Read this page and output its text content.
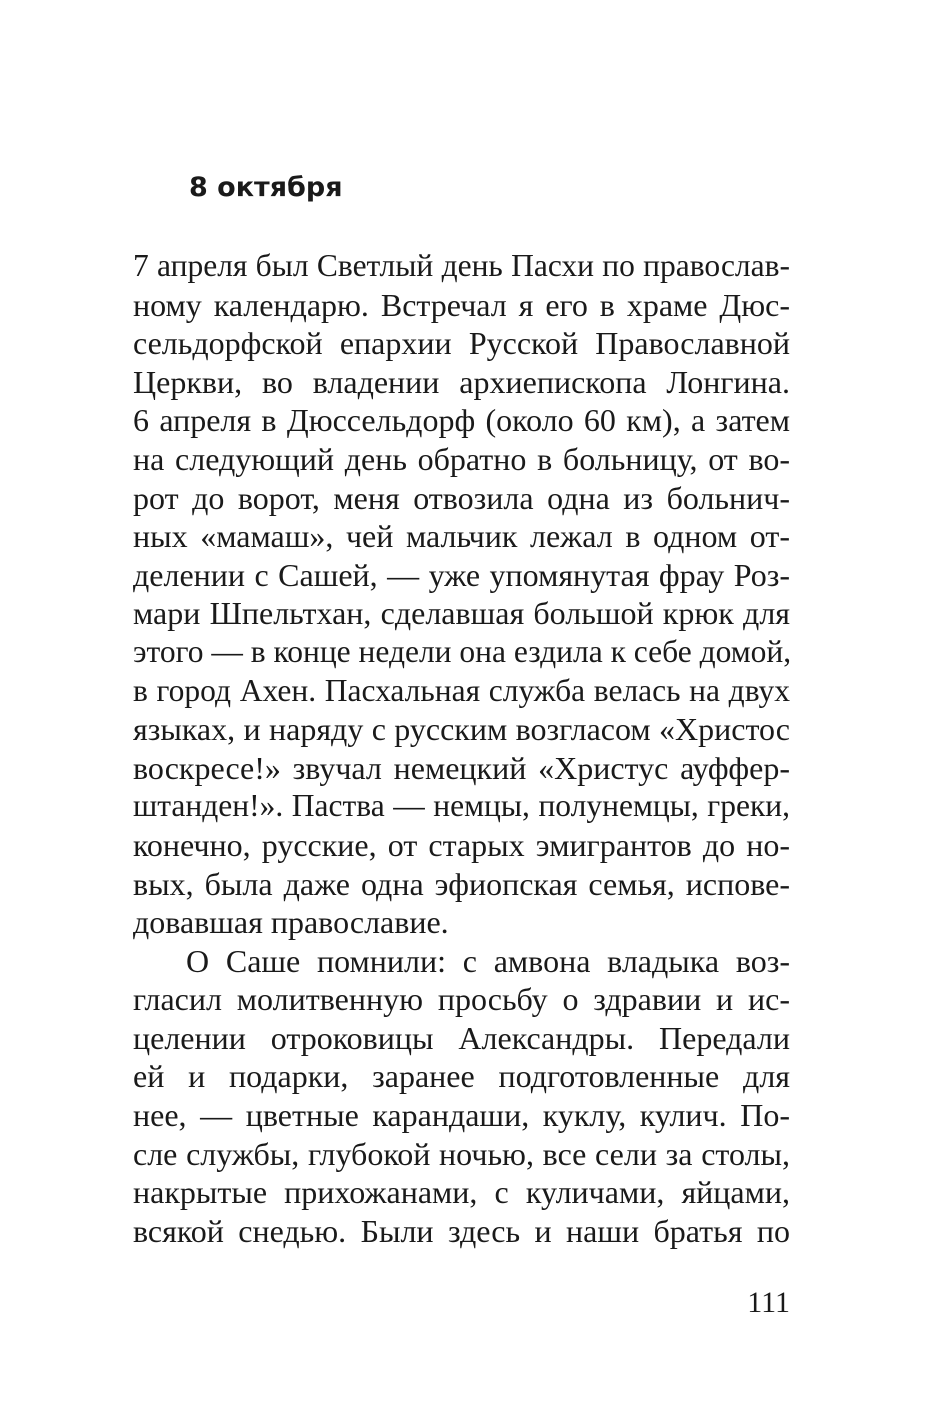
8 октября
7 апреля был Светлый день Пасхи по православ-
ному календарю. Встречал я его в храме Дюс-
сельдорфской епархии Русской Православной
Церкви, во владении архиепископа Лонгина.
6 апреля в Дюссельдорф (около 60 км), а затем
на следующий день обратно в больницу, от во-
рот до ворот, меня отвозила одна из больнич-
ных «мамаш», чей мальчик лежал в одном от-
делении с Сашей, — уже упомянутая фрау Роз-
мари Шпельтхан, сделавшая большой крюк для
этого — в конце недели она ездила к себе домой,
в город Ахен. Пасхальная служба велась на двух
языках, и наряду с русским возгласом «Христос
воскресе!» звучал немецкий «Христус ауффер-
штанден!». Паства — немцы, полунемцы, греки,
конечно, русские, от старых эмигрантов до но-
вых, была даже одна эфиопская семья, испове-
довавшая православие.
О Саше помнили: с амвона владыка воз-
гласил молитвенную просьбу о здравии и ис-
целении отроковицы Александры. Передали
ей и подарки, заранее подготовленные для
нее, — цветные карандаши, куклу, кулич. По-
сле службы, глубокой ночью, все сели за столы,
накрытые прихожанами, с куличами, яйцами,
всякой снедью. Были здесь и наши братья по
111
